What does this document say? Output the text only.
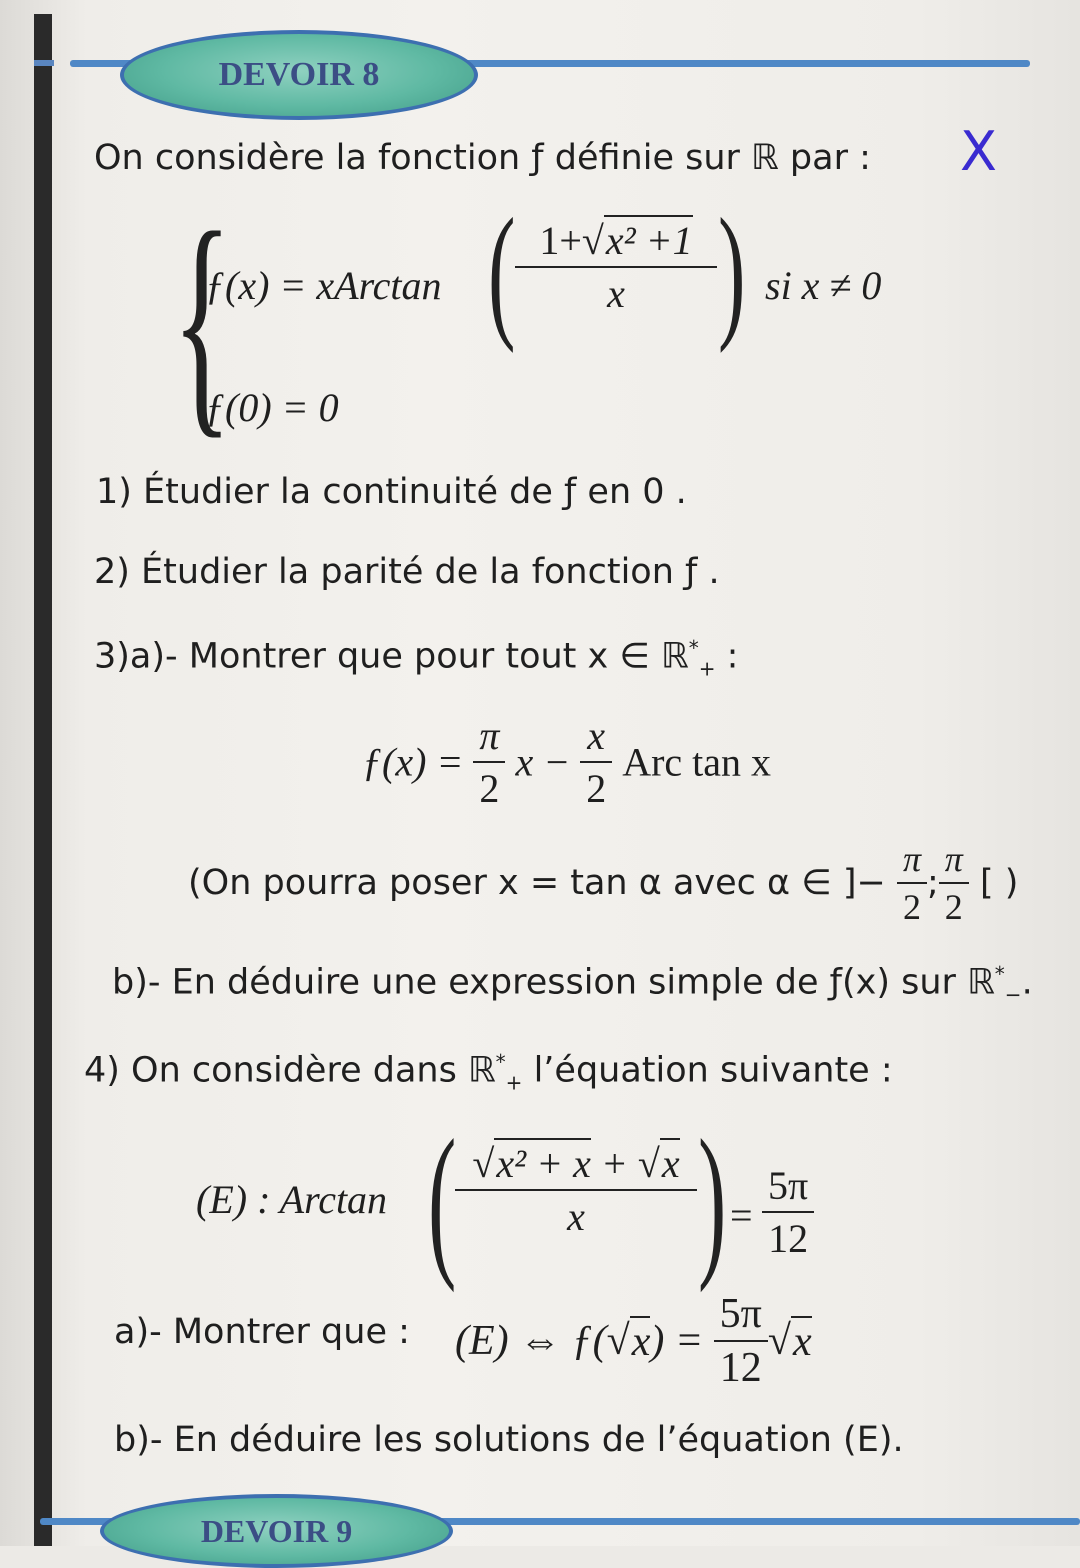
DEVOIR 8
X
On considère la fonction ƒ définie sur ℝ par :
{
ƒ(x) = xArctan ( $\frac{\text{1+√x² +1}}{x}$ ) si x ≠ 0
ƒ(0) = 0
1) Étudier la continuité de ƒ en 0 .
2) Étudier la parité de la fonction ƒ .
3)a)- Montrer que pour tout x ∈ ℝ*$_+$ :
ƒ(x) = $\frac{\pi}{2}$ $x - \frac{x}{2}$ Arc tan x
(On pourra poser x = tan α avec α ∈ ]− $\frac{\pi}{2}$ ; $\frac{\pi}{2}$ [ )
b)- En déduire une expression simple de ƒ(x) sur ℝ*$_-$.
4) On considère dans ℝ*$_+$ l’équation suivante :
(E) : Arctan (
$\frac{\text{√x² + x + √x}}{x}$ ) = $\frac{5\pi}{12}$
a)- Montrer que : (E) ⇔ ƒ(√x) = $\frac{5\pi}{12} √x$
b)- En déduire les solutions de l’équation (E).
DEVOIR 9
